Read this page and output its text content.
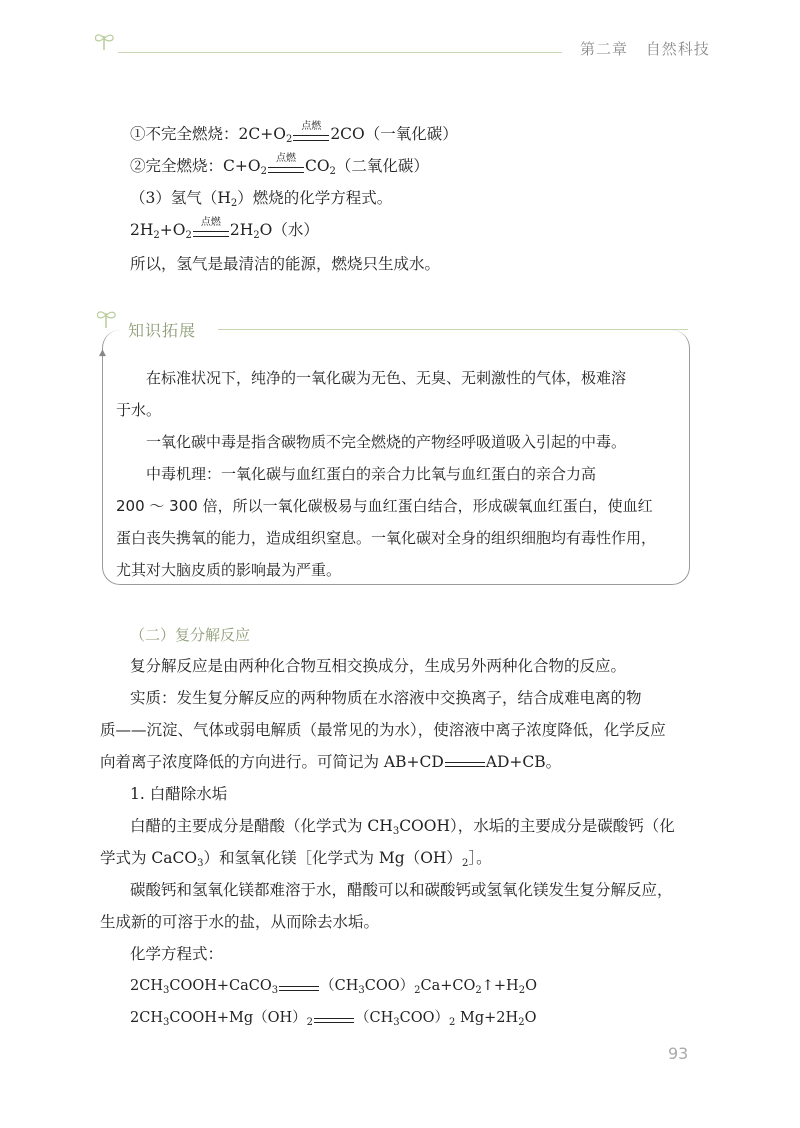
第二章 自然科技
①不完全燃烧：$2C+O_2$
点燃 2CO（一氧化碳）
②完全燃烧：$C+O_2$
点燃 $CO_2$（二氧化碳）
（3）氢气$(H_2)$燃烧的化学方程式。
$2H_2+O_2$
点燃 $2H_2O$（水）
所以，氢气是最清洁的能源，燃烧只生成水。
知识拓展
▲
在标准状况下，纯净的一氧化碳为无色、无臭、无刺激性的气体，极难溶
于水。
一氧化碳中毒是指含碳物质不完全燃烧的产物经呼吸道吸入引起的中毒。
中毒机理：一氧化碳与血红蛋白的亲合力比氧与血红蛋白的亲合力高
200 ～ 300 倍，所以一氧化碳极易与血红蛋白结合，形成碳氧血红蛋白，使血红
蛋白丧失携氧的能力，造成组织窒息。一氧化碳对全身的组织细胞均有毒性作用，
尤其对大脑皮质的影响最为严重。
（二）复分解反应
复分解反应是由两种化合物互相交换成分，生成另外两种化合物的反应。
实质：发生复分解反应的两种物质在水溶液中交换离子，结合成难电离的物
质——沉淀、气体或弱电解质（最常见的为水），使溶液中离子浓度降低，化学反应
向着离子浓度降低的方向进行。可简记为 AB+CD	AD+CB。
1. 白醋除水垢
白醋的主要成分是醋酸（化学式为 $CH_3COOH$），水垢的主要成分是碳酸钙（化
学式为 CaCO$_3$）和氢氧化镁［化学式为 $Mg(OH)_2]$。
碳酸钙和氢氧化镁都难溶于水，醋酸可以和碳酸钙或氢氧化镁发生复分解反应，
生成新的可溶于水的盐，从而除去水垢。
化学方程式：
$2CH_3COOH+CaCO_3$	$(CH_3COO)_2Ca+CO_2↑+H_2O$
$2CH_3COOH+Mg(OH)_2$	$(CH_3COO)_2$ $Mg+2H_2O$
93
